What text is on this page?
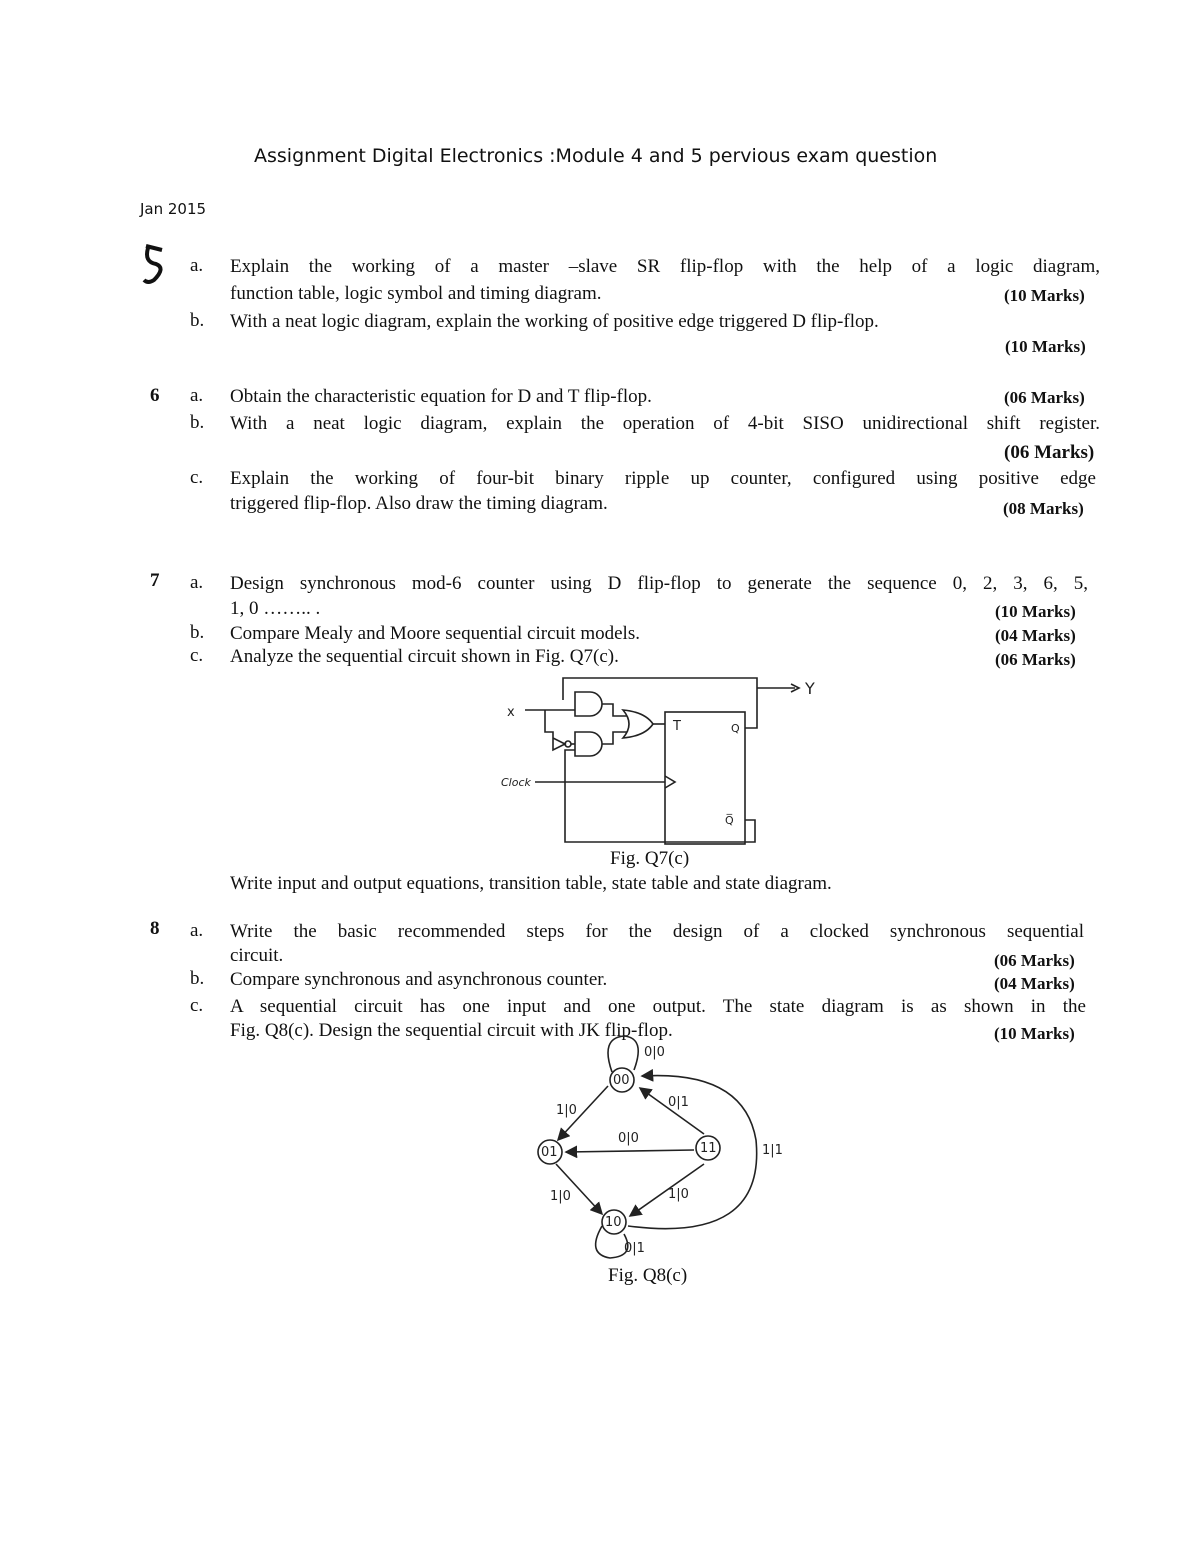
Assignment Digital Electronics :Module 4 and 5 pervious exam question
Jan 2015
a. Explain the working of a master –slave SR flip-flop with the help of a logic diagram,
function table, logic symbol and timing diagram.	(10 Marks)
b. With a neat logic diagram, explain the working of positive edge triggered D flip-flop.
(10 Marks)
6 a. Obtain the characteristic equation for D and T flip-flop.	(06 Marks)
b. With a neat logic diagram, explain the operation of 4-bit SISO unidirectional shift register.
(06 Marks)
c. Explain the working of four-bit binary ripple up counter, configured using positive edge
triggered flip-flop. Also draw the timing diagram.	(08 Marks)
7 a. Design synchronous mod-6 counter using D flip-flop to generate the sequence 0, 2, 3, 6, 5,
1, 0 …….. .	(10 Marks)
b. Compare Mealy and Moore sequential circuit models.	(04 Marks)
c. Analyze the sequential circuit shown in Fig. Q7(c).	(06 Marks)
x
Y
Clock
T	Q
Q̅
Fig. Q7(c)
Write input and output equations, transition table, state table and state diagram.
8 a. Write the basic recommended steps for the design of a clocked synchronous sequential
circuit.	(06 Marks)
b. Compare synchronous and asynchronous counter.	(04 Marks)
c. A sequential circuit has one input and one output. The state diagram is as shown in the
Fig. Q8(c). Design the sequential circuit with JK flip-flop.	(10 Marks)
00
01	11
10
0|0
0|1
1|0
0|0
1|1
1|0	1|0
0|1
Fig. Q8(c)
